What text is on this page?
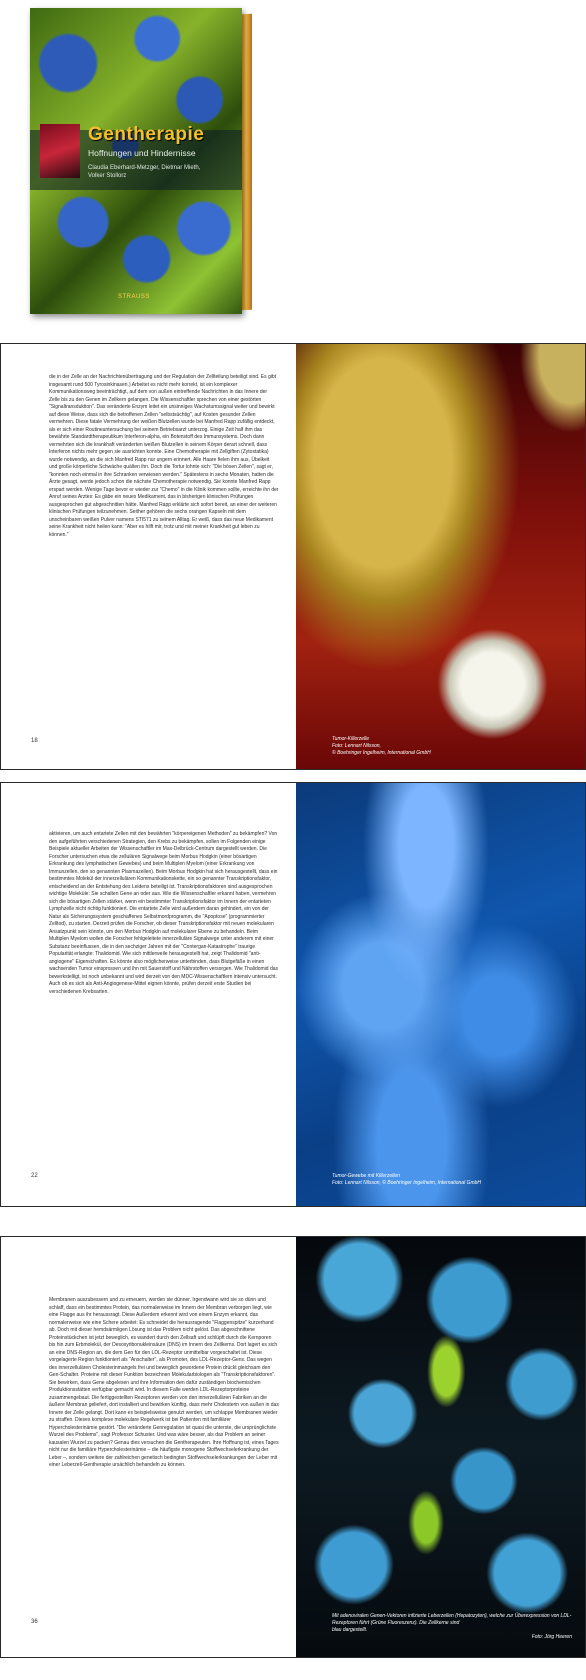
Gentherapie
Hoffnungen und Hindernisse
Claudia Eberhard-Metzger, Dietmar Mieth,
Volker Stollorz
STRAUSS

die in der Zelle an der Nachrichtenübertragung und der Regulation der Zellteilung beteiligt sind. Es gibt insgesamt rund 500 Tyrosinkinasen.) Arbeitet es nicht mehr korrekt, ist ein komplexer Kommunikationsweg beeinträchtigt, auf dem von außen eintreffende Nachrichten in das Innere der Zelle bis zu den Genen im Zellkern gelangen. Die Wissenschaftler sprechen von einer gestörten "Signaltransduktion". Das veränderte Enzym leitet ein unsinniges Wachstumssignal weiter und bewirkt auf diese Weise, dass sich die betroffenen Zellen "selbstsüchtig", auf Kosten gesunder Zellen vermehren. Diese fatale Vermehrung der weißen Blutzellen wurde bei Manfred Rapp zufällig entdeckt, als er sich einer Routineuntersuchung bei seinem Betriebsarzt unterzog. Einige Zeit half ihm das bewährte Standardtherapeutikum Interferon-alpha, ein Botenstoff des Immunsystems. Doch dann vermehrten sich die krankhaft veränderten weißen Blutzellen in seinem Körper derart schnell, dass Interferon nichts mehr gegen sie ausrichten konnte. Eine Chemotherapie mit Zellgiften (Zytostatika) wurde notwendig, an die sich Manfred Rapp nur ungern erinnert. Alle Haare fielen ihm aus, Übelkeit und große körperliche Schwäche quälten ihn. Doch die Tortur lohnte sich: "Die bösen Zellen", sagt er, "konnten noch einmal in ihre Schranken verwiesen werden." Spätestens in sechs Monaten, hatten die Ärzte gesagt, werde jedoch schon die nächste Chemotherapie notwendig. Sie konnte Manfred Rapp erspart werden. Wenige Tage bevor er wieder zur "Chemo" in die Klinik kommen sollte, erreichte ihn der Anruf seines Arztes: Es gäbe ein neues Medikament, das in bisherigen klinischen Prüfungen ausgesprochen gut abgeschnitten hätte. Manfred Rapp erklärte sich sofort bereit, an einer der weiteren klinischen Prüfungen teilzunehmen. Seither gehören die sechs orangen Kapseln mit dem unscheinbaren weißen Pulver namens STI571 zu seinem Alltag. Er weiß, dass das neue Medikament seine Krankheit nicht heilen kann: "Aber es hilft mir, trotz und mit meiner Krankheit gut leben zu können."

18	Tumor-Killerzelle
Foto: Lennart Nilsson,
© Boehringer Ingelheim, International GmbH

aktivieren, um auch entartete Zellen mit den bewährten "körpereigenen Methoden" zu bekämpfen? Von den aufgeführten verschiedenen Strategien, den Krebs zu bekämpfen, sollen im Folgenden einige Beispiele aktueller Arbeiten der Wissenschaftler im Max-Delbrück-Centrum dargestellt werden. Die Forscher untersuchen etwa die zellulären Signalwege beim Morbus Hodgkin (einer bösartigen Erkrankung des lymphatischen Gewebes) und beim Multiplen Myelom (einer Erkrankung von Immunzellen, den so genannten Plasmazellen). Beim Morbus Hodgkin hat sich herausgestellt, dass ein bestimmtes Molekül der innerzellulären Kommunikationskette, ein so genannter Transkriptionsfaktor, entscheidend an der Entstehung des Leidens beteiligt ist. Transkriptionsfaktoren sind ausgesprochen wichtige Moleküle: Sie schalten Gene an oder aus. Wie die Wissenschaftler erkannt haben, vermehren sich die bösartigen Zellen stärker, wenn ein bestimmter Transkriptionsfaktor im Innern der entarteten Lymphzelle nicht richtig funktioniert. Die entartete Zelle wird außerdem daran gehindert, ein von der Natur als Sicherungssystem geschaffenes Selbstmordprogramm, die "Apoptose" (programmierter Zelltod), zu starten. Derzeit prüfen die Forscher, ob dieser Transkriptionsfaktor mit neuen molekularen Ansatzpunkt sein könnte, um den Morbus Hodgkin auf molekularer Ebene zu behandeln. Beim Multiplen Myelom wollen die Forscher fehlgeleitete innerzelluläre Signalwege unter anderem mit einer Substanz beeinflussen, die in den sechziger Jahren mit der "Contergan-Katastrophe" traurige Popularität erlangte: Thalidomid. Wie sich mittlerweile herausgestellt hat, zeigt Thalidomid "anti-angiogene" Eigenschaften. Es könnte also möglicherweise unterbinden, dass Blutgefäße in einen wachsenden Tumor einsprossen und ihn mit Sauerstoff und Nährstoffen versorgen. Wie Thalidomid das bewerkstelligt, ist noch unbekannt und wird derzeit von den MDC-Wissenschaftlern intensiv untersucht. Auch ob es sich als Anti-Angiogenese-Mittel eignen könnte, prüfen derzeit erste Studien bei verschiedenen Krebsarten.

22	Tumor-Gewebe mit Killerzellen
Foto: Lennart Nilsson, © Boehringer Ingelheim, International GmbH

Membranen auszubessern und zu erneuern, werden sie dünner. Irgendwann wird sie so dünn und schlaff, dass ein bestimmtes Protein, das normalerweise im Innern der Membran verborgen liegt, wie eine Flagge aus ihr heraussragt. Diese Außerdem erkennt wird von einem Enzym erkannt, das normalerweise wie eine Schere arbeitet: Es schneidet die herausragende "Flaggenspitze" kurzerhand ab. Doch mit dieser hemdsärmligen Lösung ist das Problem nicht gelöst. Das abgeschnittene Proteinstückchen ist jetzt beweglich, es wandert durch den Zellsaft und schlüpft durch die Kernporen bis hin zum Erbmolekül, der Desoxyribonukleinsäure (DNS) im Innern des Zellkerns. Dort lagert es sich an eine DNS-Region an, die dem Gen für den LDL-Rezeptor unmittelbar vorgeschaltet ist. Diese vorgelagerte Region funktioniert als "Anschalter", als Promoter, des LDL-Rezeptor-Gens. Das wegen des innerzellulären Cholesterinmangels frei und beweglich gewordene Protein drückt gleichsam den Gen-Schalter. Proteine mit dieser Funktion bezeichnen Molekularbiologen als "Transkriptionsfaktoren". Sie bewirken, dass Gene abgelesen und ihre Information den dafür zuständigen biochemischen Produktionsstätten verfügbar gemacht wird. In diesem Falle werden LDL-Rezeptorproteine zusammengebaut. Die fertiggestellten Rezeptoren werden von den innerzellulären Fabriken an die äußere Membran geliefert, dort installiert und bewirken künftig, dass mehr Cholesterin von außen in das Innere der Zelle gelangt. Dort kann es beispielsweise genutzt werden, um schlappe Membranen wieder zu straffen. Dieses komplexe molekulare Regelwerk ist bei Patienten mit familiärer Hypercholesterinämie gestört. "Die veränderte Genregulation ist quasi die unterste, die ursprünglichste Wurzel des Problems", sagt Professor Schuster. Und was wäre besser, als das Problem an seiner kausalen Wurzel zu packen? Genau dies versuchen die Gentherapeuten. Ihre Hoffnung ist, eines Tages nicht nur die familiäre Hypercholesterinämie – die häufigste monogene Stoffwechselerkrankung der Leber –, sondern weitere der zahlreichen genetisch bedingten Stoffwechselerkrankungen der Leber mit einer Leberzell-Gentherapie ursächlich behandeln zu können.

36
Mit adenoviralen Genen-Vektoren infizierte Leberzellen (Hepatozyten), welche zur Überexpression von LDL-Rezeptoren führt (Grüne Fluoreszenz). Die Zellkerne sind
blau dargestellt.
Foto: Jörg Heeren
